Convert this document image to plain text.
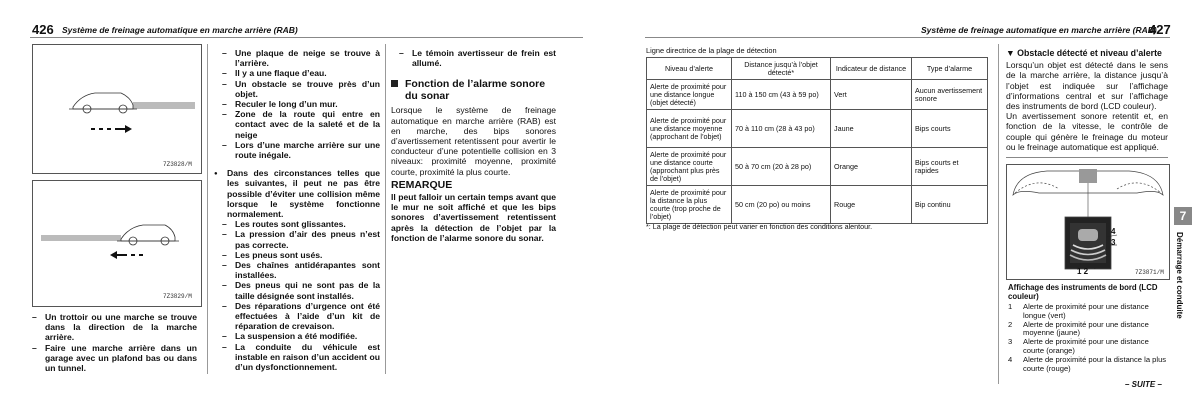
426 Système de freinage automatique en marche arrière (RAB)
7Z3828/M
7Z3829/M
– Un trottoir ou une marche se trouve dans la direction de la marche arrière.
– Faire une marche arrière dans un garage avec un plafond bas ou dans un tunnel.
– Une plaque de neige se trouve à l’arrière.
– Il y a une flaque d’eau.
– Un obstacle se trouve près d’un objet.
– Reculer le long d’un mur.
– Zone de la route qui entre en contact avec de la saleté et de la neige
– Lors d’une marche arrière sur une route inégale.
● Dans des circonstances telles que les suivantes, il peut ne pas être possible d’éviter une collision même lorsque le système fonctionne normalement.
– Les routes sont glissantes.
– La pression d’air des pneus n’est pas correcte.
– Les pneus sont usés.
– Des chaînes antidérapantes sont installées.
– Des pneus qui ne sont pas de la taille désignée sont installés.
– Des réparations d’urgence ont été effectuées à l’aide d’un kit de réparation de crevaison.
– La suspension a été modifiée.
– La conduite du véhicule est instable en raison d’un accident ou d’un dysfonctionnement.
– Le témoin avertisseur de frein est allumé.
Fonction de l’alarme sonore du sonar
Lorsque le système de freinage automatique en marche arrière (RAB) est en marche, des bips sonores d’avertissement retentissent pour avertir le conducteur d’une potentielle collision en 3 niveaux: proximité moyenne, proximité courte, proximité la plus courte.
REMARQUE
Il peut falloir un certain temps avant que le mur ne soit affiché et que les bips sonores d’avertissement retentissent après la détection de l’objet par la fonction de l’alarme sonore du sonar.
Système de freinage automatique en marche arrière (RAB)
427
Ligne directrice de la plage de détection
Niveau d’alerte	Distance jusqu’à l’objet détecté*	Indicateur de distance	Type d’alarme
Alerte de proximité pour une distance longue (objet détecté)	110 à 150 cm (43 à 59 po)	Vert	Aucun avertissement sonore
Alerte de proximité pour une distance moyenne (approchant de l’objet)	70 à 110 cm (28 à 43 po)	Jaune	Bips courts
Alerte de proximité pour une distance courte (approchant plus près de l’objet)	50 à 70 cm (20 à 28 po)	Orange	Bips courts et rapides
Alerte de proximité pour la distance la plus courte (trop proche de l’objet)	50 cm (20 po) ou moins	Rouge	Bip continu
*: La plage de détection peut varier en fonction des conditions alentour.
▼ Obstacle détecté et niveau d’alerte
Lorsqu’un objet est détecté dans le sens de la marche arrière, la distance jusqu’à l’objet est indiquée sur l’affichage d’informations central et sur l’affichage des instruments de bord (LCD couleur).
Un avertissement sonore retentit et, en fonction de la vitesse, le contrôle de couple qui génère le freinage du moteur ou le freinage automatique est appliqué.
4
3
1 2	7Z3871/M
Affichage des instruments de bord (LCD couleur)
1 Alerte de proximité pour une distance longue (vert)
2 Alerte de proximité pour une distance moyenne (jaune)
3 Alerte de proximité pour une distance courte (orange)
4 Alerte de proximité pour la distance la plus courte (rouge)
7
Démarrage et conduite
– SUITE –
